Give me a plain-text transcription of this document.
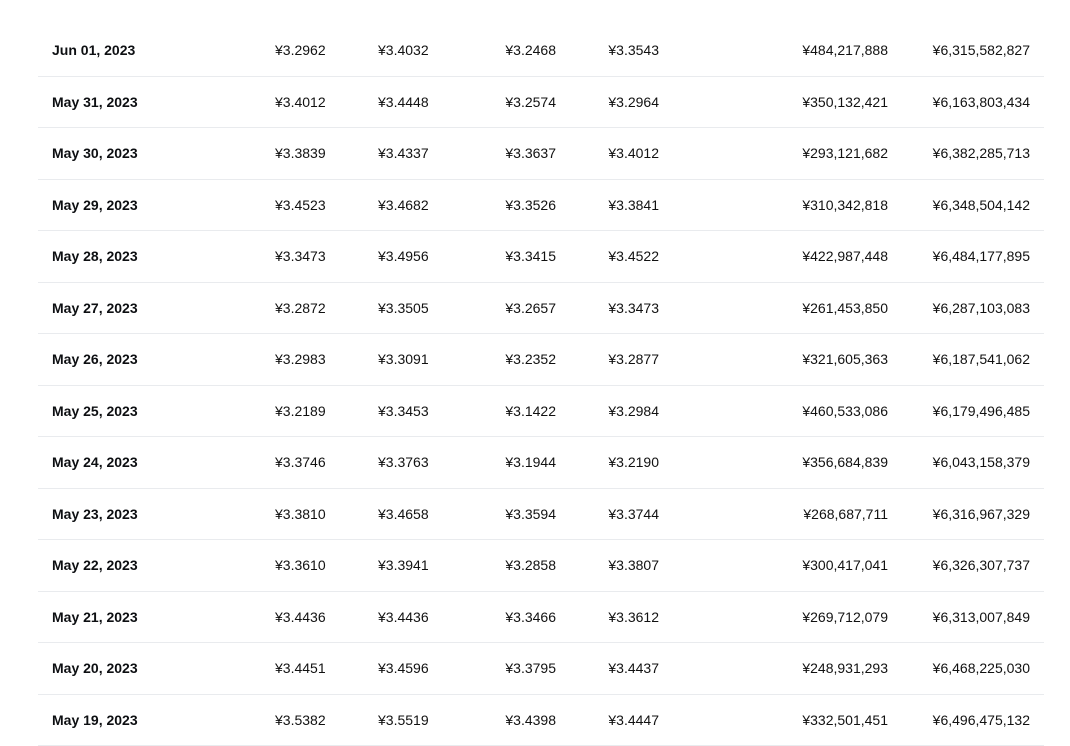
Jun 01, 2023	¥3.2962	¥3.4032	¥3.2468	¥3.3543	¥484,217,888	¥6,315,582,827
May 31, 2023	¥3.4012	¥3.4448	¥3.2574	¥3.2964	¥350,132,421	¥6,163,803,434
May 30, 2023	¥3.3839	¥3.4337	¥3.3637	¥3.4012	¥293,121,682	¥6,382,285,713
May 29, 2023	¥3.4523	¥3.4682	¥3.3526	¥3.3841	¥310,342,818	¥6,348,504,142
May 28, 2023	¥3.3473	¥3.4956	¥3.3415	¥3.4522	¥422,987,448	¥6,484,177,895
May 27, 2023	¥3.2872	¥3.3505	¥3.2657	¥3.3473	¥261,453,850	¥6,287,103,083
May 26, 2023	¥3.2983	¥3.3091	¥3.2352	¥3.2877	¥321,605,363	¥6,187,541,062
May 25, 2023	¥3.2189	¥3.3453	¥3.1422	¥3.2984	¥460,533,086	¥6,179,496,485
May 24, 2023	¥3.3746	¥3.3763	¥3.1944	¥3.2190	¥356,684,839	¥6,043,158,379
May 23, 2023	¥3.3810	¥3.4658	¥3.3594	¥3.3744	¥268,687,711	¥6,316,967,329
May 22, 2023	¥3.3610	¥3.3941	¥3.2858	¥3.3807	¥300,417,041	¥6,326,307,737
May 21, 2023	¥3.4436	¥3.4436	¥3.3466	¥3.3612	¥269,712,079	¥6,313,007,849
May 20, 2023	¥3.4451	¥3.4596	¥3.3795	¥3.4437	¥248,931,293	¥6,468,225,030
May 19, 2023	¥3.5382	¥3.5519	¥3.4398	¥3.4447	¥332,501,451	¥6,496,475,132
